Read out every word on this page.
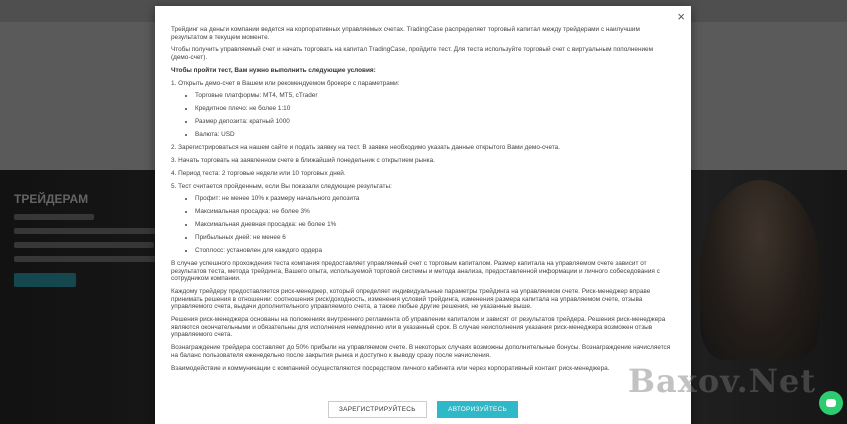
ТРЕЙДЕРАМ
×

Трейдинг на деньги компании ведется на корпоративных управляемых счетах. TradingCase распределяет торговый капитал между трейдерами с наилучшим результатом в текущем моменте.

Чтобы получить управляемый счет и начать торговать на капитал TradingCase, пройдите тест. Для теста используйте торговый счет с виртуальным пополнением (демо-счет).

Чтобы пройти тест, Вам нужно выполнить следующие условия:

1. Открыть демо-счет в Вашем или рекомендуемом брокере с параметрами:

• Торговые платформы: MT4, MT5, cTrader
• Кредитное плечо: не более 1:10
• Размер депозита: кратный 1000
• Валюта: USD

2. Зарегистрироваться на нашем сайте и подать заявку на тест. В заявке необходимо указать данные открытого Вами демо-счета.

3. Начать торговать на заявленном счете в ближайший понедельник с открытием рынка.

4. Период теста: 2 торговые недели или 10 торговых дней.

5. Тест считается пройденным, если Вы показали следующие результаты:

• Профит: не менее 10% к размеру начального депозита
• Максимальная просадка: не более 3%
• Максимальная дневная просадка: не более 1%
• Прибыльных дней: не менее 6
• Стоплосс: установлен для каждого ордера

В случае успешного прохождения теста компания предоставляет управляемый счет с торговым капиталом. Размер капитала на управляемом счете зависит от результатов теста, метода трейдинга, Вашего опыта, используемой торговой системы и метода анализа, предоставленной информации и личного собеседования с сотрудником компании.

Каждому трейдеру предоставляется риск-менеджер, который определяет индивидуальные параметры трейдинга на управляемом счете. Риск-менеджер вправе принимать решения в отношении: соотношения риск/доходность, изменения условий трейдинга, изменения размера капитала на управляемом счете, отзыва управляемого счета, выдачи дополнительного управляемого счета, а также любые другие решения, не указанные выше.

Решения риск-менеджера основаны на положениях внутреннего регламента об управлении капиталом и зависят от результатов трейдера. Решения риск-менеджера являются окончательными и обязательны для исполнения немедленно или в указанный срок. В случае неисполнения указания риск-менеджера возможен отзыв управляемого счета.

Вознаграждение трейдера составляет до 50% прибыли на управляемом счете. В некоторых случаях возможны дополнительные бонусы. Вознаграждение начисляется на баланс пользователя еженедельно после закрытия рынка и доступно к выводу сразу после начисления.

Взаимодействие и коммуникации с компанией осуществляются посредством личного кабинета или через корпоративный контакт риск-менеджера.

ЗАРЕГИСТРИРУЙТЕСЬ	АВТОРИЗУЙТЕСЬ
Baxov.Net
